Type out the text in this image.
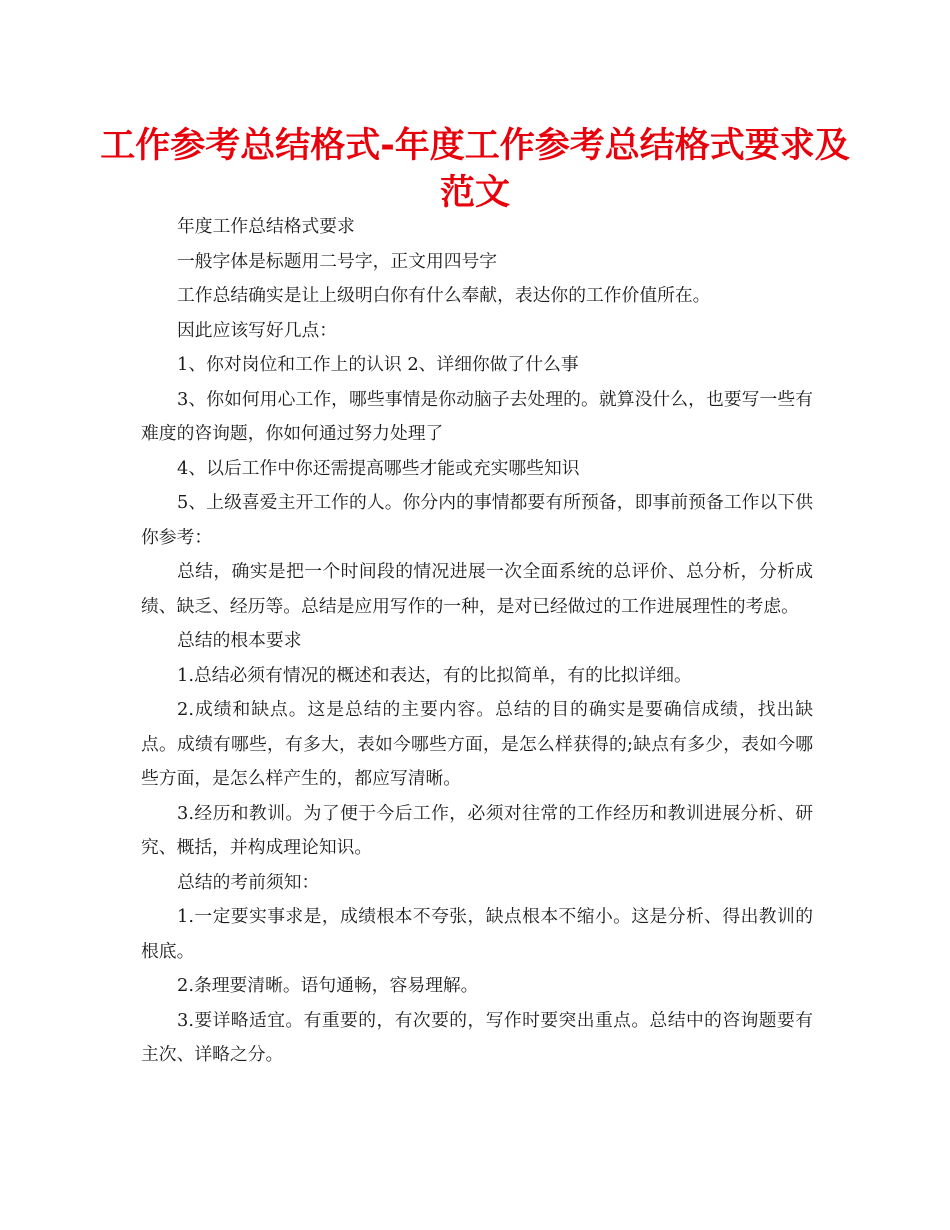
工作参考总结格式-年度工作参考总结格式要求及范文

年度工作总结格式要求

一般字体是标题用二号字，正文用四号字

工作总结确实是让上级明白你有什么奉献，表达你的工作价值所在。

因此应该写好几点：

1、你对岗位和工作上的认识 2、详细你做了什么事

3、你如何用心工作，哪些事情是你动脑子去处理的。就算没什么，也要写一些有难度的咨询题，你如何通过努力处理了

4、以后工作中你还需提高哪些才能或充实哪些知识

5、上级喜爱主开工作的人。你分内的事情都要有所预备，即事前预备工作以下供你参考：

总结，确实是把一个时间段的情况进展一次全面系统的总评价、总分析，分析成绩、缺乏、经历等。总结是应用写作的一种，是对已经做过的工作进展理性的考虑。

总结的根本要求

1.总结必须有情况的概述和表达，有的比拟简单，有的比拟详细。

2.成绩和缺点。这是总结的主要内容。总结的目的确实是要确信成绩，找出缺点。成绩有哪些，有多大，表如今哪些方面，是怎么样获得的;缺点有多少，表如今哪些方面，是怎么样产生的，都应写清晰。

3.经历和教训。为了便于今后工作，必须对往常的工作经历和教训进展分析、研究、概括，并构成理论知识。

总结的考前须知：

1.一定要实事求是，成绩根本不夸张，缺点根本不缩小。这是分析、得出教训的根底。

2.条理要清晰。语句通畅，容易理解。

3.要详略适宜。有重要的，有次要的，写作时要突出重点。总结中的咨询题要有主次、详略之分。
